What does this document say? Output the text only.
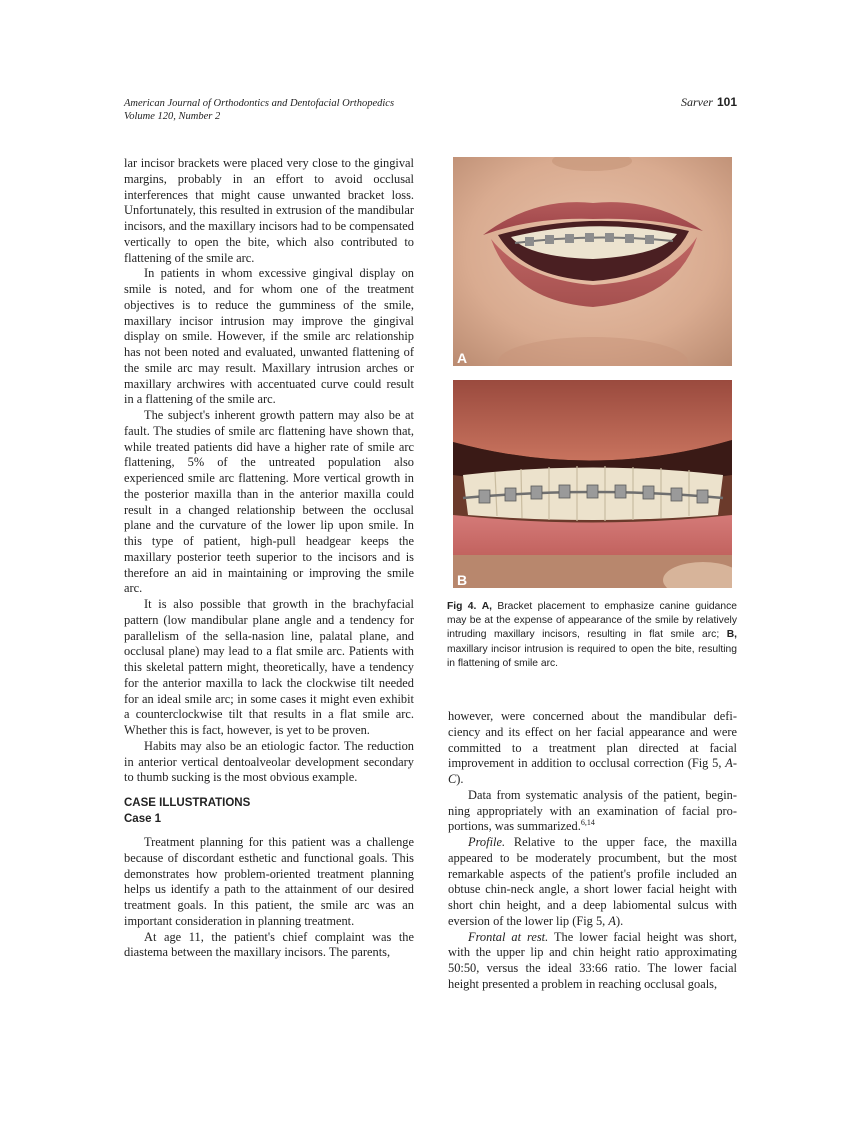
American Journal of Orthodontics and Dentofacial Orthopedics
Volume 120, Number 2
Sarver 101

lar incisor brackets were placed very close to the gingival margins, probably in an effort to avoid occlusal interferences that might cause unwanted bracket loss. Unfortunately, this resulted in extrusion of the mandibular incisors, and the maxillary incisors had to be compensated vertically to open the bite, which also contributed to flattening of the smile arc.

In patients in whom excessive gingival display on smile is noted, and for whom one of the treatment objectives is to reduce the gumminess of the smile, maxillary incisor intrusion may improve the gingival display on smile. However, if the smile arc relationship has not been noted and evaluated, unwanted flattening of the smile arc may result. Maxillary intrusion arches or maxillary archwires with accentuated curve could result in a flattening of the smile arc.

The subject's inherent growth pattern may also be at fault. The studies of smile arc flattening have shown that, while treated patients did have a higher rate of smile arc flattening, 5% of the untreated population also experienced smile arc flattening. More vertical growth in the posterior maxilla than in the anterior maxilla could result in a changed relationship between the occlusal plane and the curvature of the lower lip upon smile. In this type of patient, high-pull headgear keeps the maxillary posterior teeth superior to the incisors and is therefore an aid in maintaining or improving the smile arc.

It is also possible that growth in the brachyfacial pattern (low mandibular plane angle and a tendency for parallelism of the sella-nasion line, palatal plane, and occlusal plane) may lead to a flat smile arc. Patients with this skeletal pattern might, theoretically, have a tendency for the anterior maxilla to lack the clockwise tilt needed for an ideal smile arc; in some cases it might even exhibit a counterclockwise tilt that results in a flat smile arc. Whether this is fact, however, is yet to be proven.

Habits may also be an etiologic factor. The reduction in anterior vertical dentoalveolar development secondary to thumb sucking is the most obvious example.

CASE ILLUSTRATIONS
Case 1

Treatment planning for this patient was a challenge because of discordant esthetic and functional goals. This demonstrates how problem-oriented treatment planning helps us identify a path to the attainment of our desired treatment goals. In this patient, the smile arc was an important consideration in planning treatment.

At age 11, the patient's chief complaint was the diastema between the maxillary incisors. The parents,

A
B
Fig 4. A, Bracket placement to emphasize canine guidance may be at the expense of appearance of the smile by relatively intruding maxillary incisors, resulting in flat smile arc; B, maxillary incisor intrusion is required to open the bite, resulting in flattening of smile arc.

however, were concerned about the mandibular deficiency and its effect on her facial appearance and were committed to a treatment plan directed at facial improvement in addition to occlusal correction (Fig 5, A-C).

Data from systematic analysis of the patient, beginning appropriately with an examination of facial proportions, was summarized.$^{6,14}$

Profile. Relative to the upper face, the maxilla appeared to be moderately procumbent, but the most remarkable aspects of the patient's profile included an obtuse chin-neck angle, a short lower facial height with short chin height, and a deep labiomental sulcus with eversion of the lower lip (Fig 5, A).

Frontal at rest. The lower facial height was short, with the upper lip and chin height ratio approximating 50:50, versus the ideal 33:66 ratio. The lower facial height presented a problem in reaching occlusal goals,
